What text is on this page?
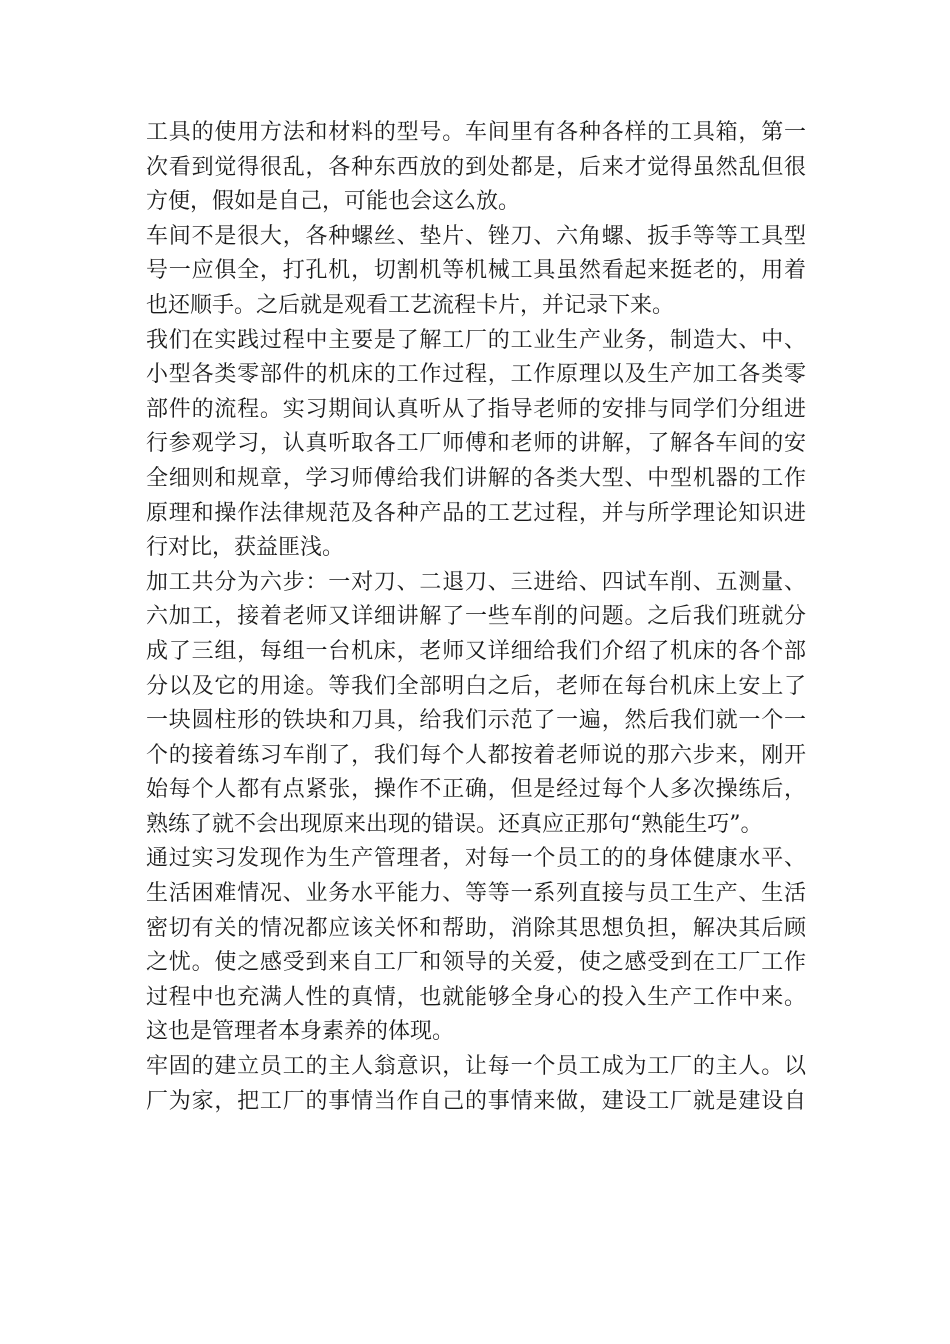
工具的使用方法和材料的型号。车间里有各种各样的工具箱，第一
次看到觉得很乱，各种东西放的到处都是，后来才觉得虽然乱但很
方便，假如是自己，可能也会这么放。
车间不是很大，各种螺丝、垫片、锉刀、六角螺、扳手等等工具型
号一应俱全，打孔机，切割机等机械工具虽然看起来挺老的，用着
也还顺手。之后就是观看工艺流程卡片，并记录下来。
我们在实践过程中主要是了解工厂的工业生产业务，制造大、中、
小型各类零部件的机床的工作过程，工作原理以及生产加工各类零
部件的流程。实习期间认真听从了指导老师的安排与同学们分组进
行参观学习，认真听取各工厂师傅和老师的讲解，了解各车间的安
全细则和规章，学习师傅给我们讲解的各类大型、中型机器的工作
原理和操作法律规范及各种产品的工艺过程，并与所学理论知识进
行对比，获益匪浅。
加工共分为六步：一对刀、二退刀、三进给、四试车削、五测量、
六加工，接着老师又详细讲解了一些车削的问题。之后我们班就分
成了三组，每组一台机床，老师又详细给我们介绍了机床的各个部
分以及它的用途。等我们全部明白之后，老师在每台机床上安上了
一块圆柱形的铁块和刀具，给我们示范了一遍，然后我们就一个一
个的接着练习车削了，我们每个人都按着老师说的那六步来，刚开
始每个人都有点紧张，操作不正确，但是经过每个人多次操练后，
熟练了就不会出现原来出现的错误。还真应正那句“熟能生巧”。
通过实习发现作为生产管理者，对每一个员工的的身体健康水平、
生活困难情况、业务水平能力、等等一系列直接与员工生产、生活
密切有关的情况都应该关怀和帮助，消除其思想负担，解决其后顾
之忧。使之感受到来自工厂和领导的关爱，使之感受到在工厂工作
过程中也充满人性的真情，也就能够全身心的投入生产工作中来。
这也是管理者本身素养的体现。
牢固的建立员工的主人翁意识，让每一个员工成为工厂的主人。以
厂为家，把工厂的事情当作自己的事情来做，建设工厂就是建设自
